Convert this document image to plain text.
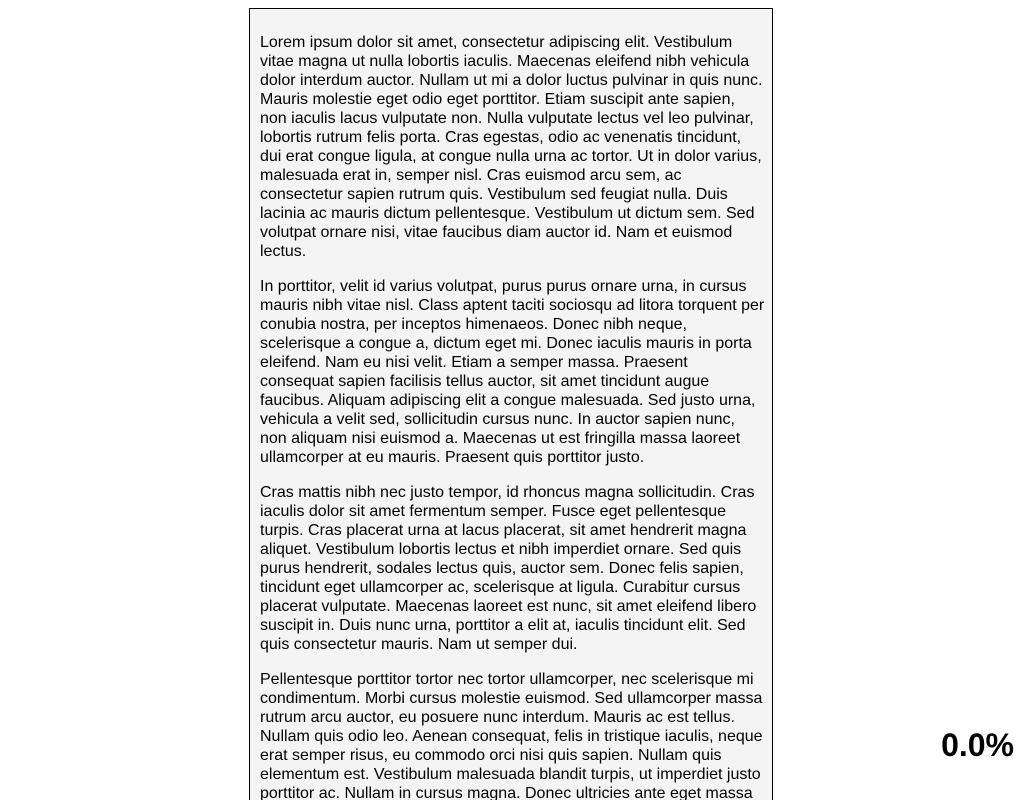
Lorem ipsum dolor sit amet, consectetur adipiscing elit. Vestibulum vitae magna ut nulla lobortis iaculis. Maecenas eleifend nibh vehicula dolor interdum auctor. Nullam ut mi a dolor luctus pulvinar in quis nunc. Mauris molestie eget odio eget porttitor. Etiam suscipit ante sapien, non iaculis lacus vulputate non. Nulla vulputate lectus vel leo pulvinar, lobortis rutrum felis porta. Cras egestas, odio ac venenatis tincidunt, dui erat congue ligula, at congue nulla urna ac tortor. Ut in dolor varius, malesuada erat in, semper nisl. Cras euismod arcu sem, ac consectetur sapien rutrum quis. Vestibulum sed feugiat nulla. Duis lacinia ac mauris dictum pellentesque. Vestibulum ut dictum sem. Sed volutpat ornare nisi, vitae faucibus diam auctor id. Nam et euismod lectus.

In porttitor, velit id varius volutpat, purus purus ornare urna, in cursus mauris nibh vitae nisl. Class aptent taciti sociosqu ad litora torquent per conubia nostra, per inceptos himenaeos. Donec nibh neque, scelerisque a congue a, dictum eget mi. Donec iaculis mauris in porta eleifend. Nam eu nisi velit. Etiam a semper massa. Praesent consequat sapien facilisis tellus auctor, sit amet tincidunt augue faucibus. Aliquam adipiscing elit a congue malesuada. Sed justo urna, vehicula a velit sed, sollicitudin cursus nunc. In auctor sapien nunc, non aliquam nisi euismod a. Maecenas ut est fringilla massa laoreet ullamcorper at eu mauris. Praesent quis porttitor justo.

Cras mattis nibh nec justo tempor, id rhoncus magna sollicitudin. Cras iaculis dolor sit amet fermentum semper. Fusce eget pellentesque turpis. Cras placerat urna at lacus placerat, sit amet hendrerit magna aliquet. Vestibulum lobortis lectus et nibh imperdiet ornare. Sed quis purus hendrerit, sodales lectus quis, auctor sem. Donec felis sapien, tincidunt eget ullamcorper ac, scelerisque at ligula. Curabitur cursus placerat vulputate. Maecenas laoreet est nunc, sit amet eleifend libero suscipit in. Duis nunc urna, porttitor a elit at, iaculis tincidunt elit. Sed quis consectetur mauris. Nam ut semper dui.

Pellentesque porttitor tortor nec tortor ullamcorper, nec scelerisque mi condimentum. Morbi cursus molestie euismod. Sed ullamcorper massa rutrum arcu auctor, eu posuere nunc interdum. Mauris ac est tellus. Nullam quis odio leo. Aenean consequat, felis in tristique iaculis, neque erat semper risus, eu commodo orci nisi quis sapien. Nullam quis elementum est. Vestibulum malesuada blandit turpis, ut imperdiet justo porttitor ac. Nullam in cursus magna. Donec ultricies ante eget massa

0.0%
